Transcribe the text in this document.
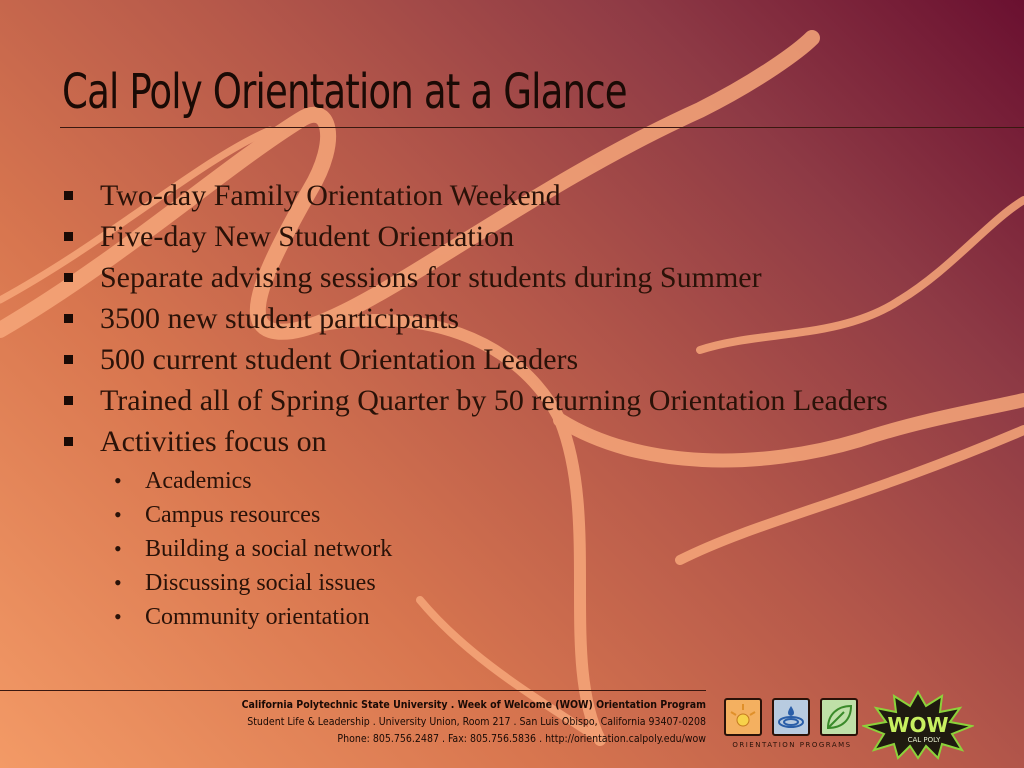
Cal Poly Orientation at a Glance
Two-day Family Orientation Weekend
Five-day New Student Orientation
Separate advising sessions for students during Summer
3500 new student participants
500 current student Orientation Leaders
Trained all of Spring Quarter by 50 returning Orientation Leaders
Activities focus on
• Academics
• Campus resources
• Building a social network
• Discussing social issues
• Community orientation
California Polytechnic State University . Week of Welcome (WOW) Orientation Program
Student Life & Leadership . University Union, Room 217 . San Luis Obispo, California 93407-0208
Phone: 805.756.2487 . Fax: 805.756.5836 . http://orientation.calpoly.edu/wow	ORIENTATION PROGRAMS
WOW
CAL POLY
